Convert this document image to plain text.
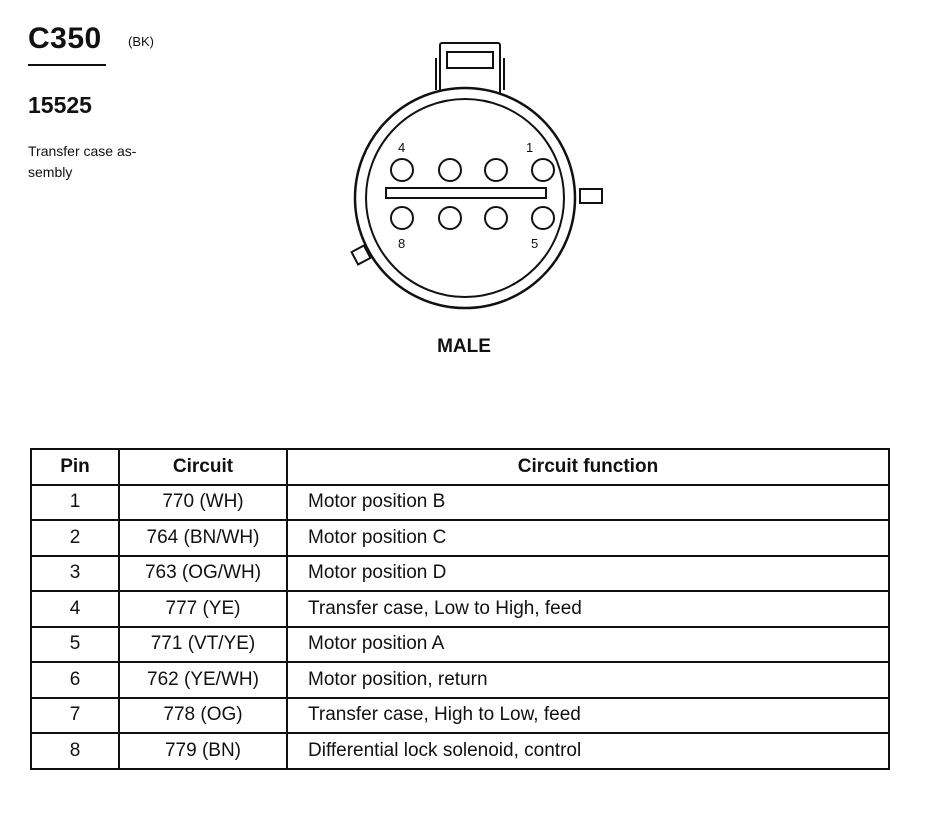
C350 (BK)
15525
Transfer case as-
sembly
4	1
8	5
MALE
Pin	Circuit	Circuit function
1	770 (WH)	Motor position B
2	764 (BN/WH)	Motor position C
3	763 (OG/WH)	Motor position D
4	777 (YE)	Transfer case, Low to High, feed
5	771 (VT/YE)	Motor position A
6	762 (YE/WH)	Motor position, return
7	778 (OG)	Transfer case, High to Low, feed
8	779 (BN)	Differential lock solenoid, control
